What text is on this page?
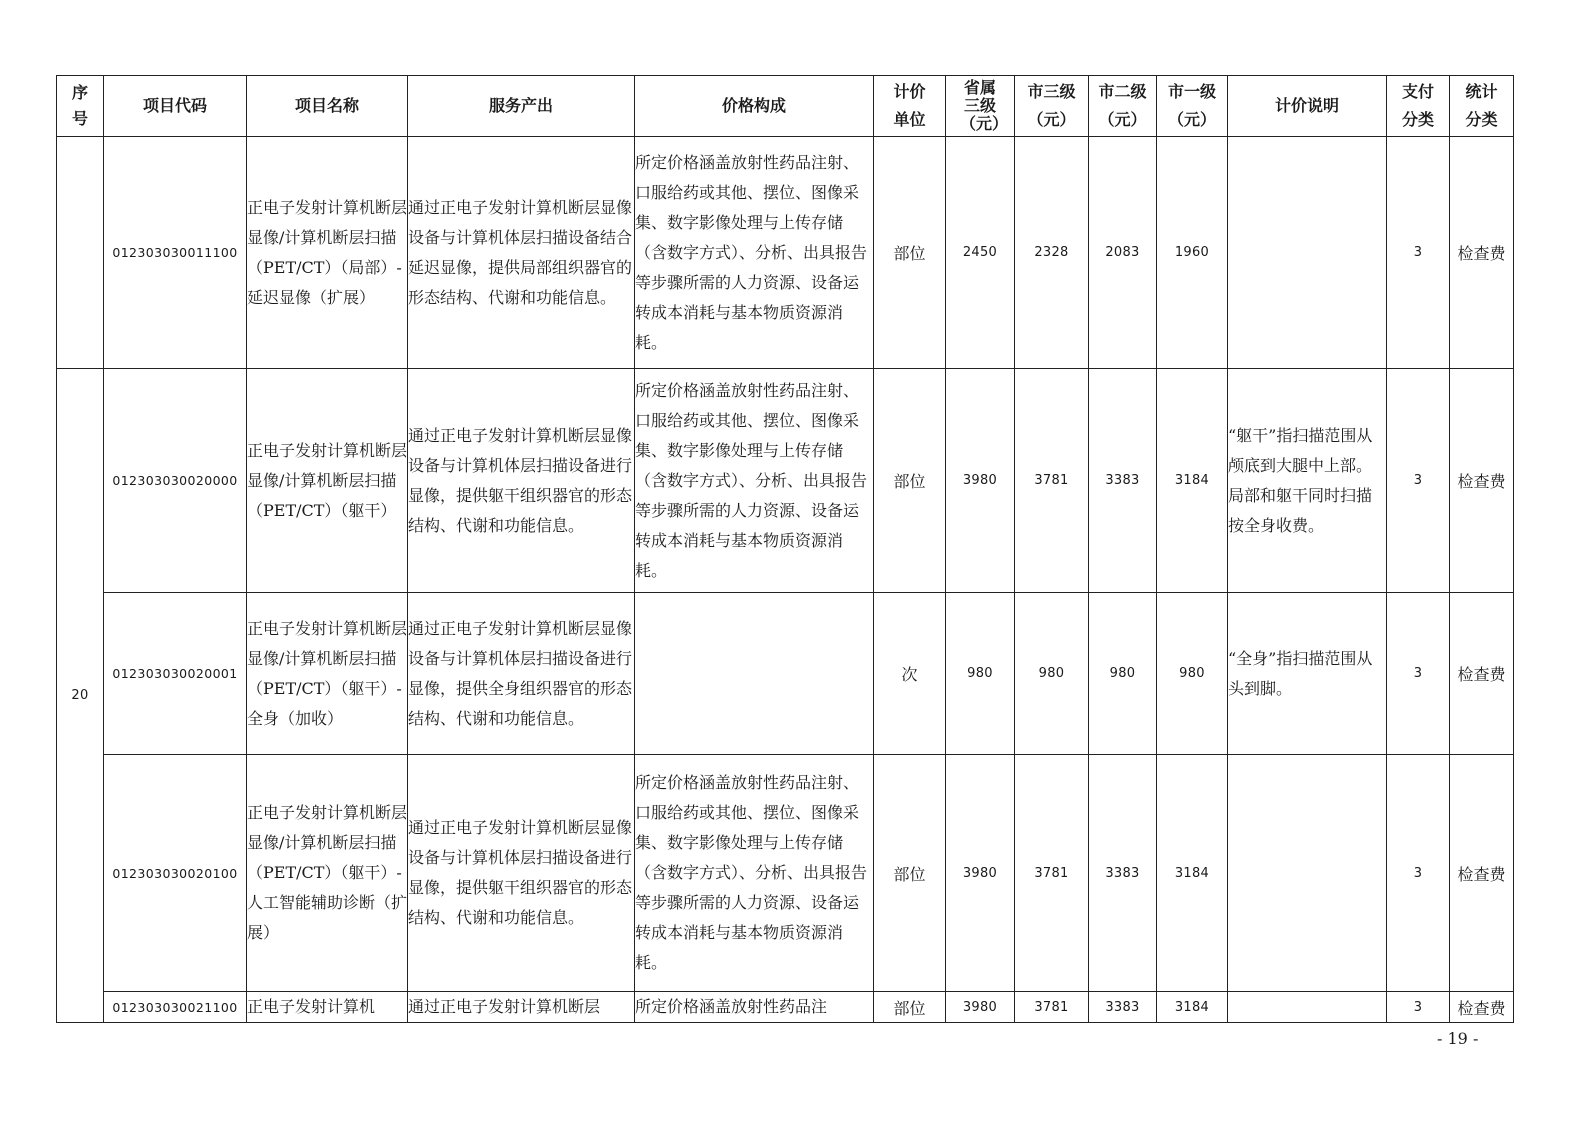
序号	项目代码	项目名称	服务产出	价格构成	计价单位	省属三级（元）	市三级（元）	市二级（元）	市一级（元）	计价说明	支付分类	统计分类

	012303030011100	正电子发射计算机断层显像/计算机断层扫描（PET/CT）（局部）-延迟显像（扩展）	通过正电子发射计算机断层显像设备与计算机体层扫描设备结合延迟显像，提供局部组织器官的形态结构、代谢和功能信息。	所定价格涵盖放射性药品注射、口服给药或其他、摆位、图像采集、数字影像处理与上传存储（含数字方式）、分析、出具报告等步骤所需的人力资源、设备运转成本消耗与基本物质资源消耗。	部位	2450	2328	2083	1960		3	检查费
20	012303030020000	正电子发射计算机断层显像/计算机断层扫描（PET/CT）（躯干）	通过正电子发射计算机断层显像设备与计算机体层扫描设备进行显像，提供躯干组织器官的形态结构、代谢和功能信息。	所定价格涵盖放射性药品注射、口服给药或其他、摆位、图像采集、数字影像处理与上传存储（含数字方式）、分析、出具报告等步骤所需的人力资源、设备运转成本消耗与基本物质资源消耗。	部位	3980	3781	3383	3184	“躯干”指扫描范围从颅底到大腿中上部。局部和躯干同时扫描按全身收费。	3	检查费
	012303030020001	正电子发射计算机断层显像/计算机断层扫描（PET/CT）（躯干）-全身（加收）	通过正电子发射计算机断层显像设备与计算机体层扫描设备进行显像，提供全身组织器官的形态结构、代谢和功能信息。		次	980	980	980	980	“全身”指扫描范围从头到脚。	3	检查费
	012303030020100	正电子发射计算机断层显像/计算机断层扫描（PET/CT）（躯干）-人工智能辅助诊断（扩展）	通过正电子发射计算机断层显像设备与计算机体层扫描设备进行显像，提供躯干组织器官的形态结构、代谢和功能信息。	所定价格涵盖放射性药品注射、口服给药或其他、摆位、图像采集、数字影像处理与上传存储（含数字方式）、分析、出具报告等步骤所需的人力资源、设备运转成本消耗与基本物质资源消耗。	部位	3980	3781	3383	3184		3	检查费
	012303030021100	正电子发射计算机	通过正电子发射计算机断层	所定价格涵盖放射性药品注	部位	3980	3781	3383	3184		3	检查费
- 19 -
